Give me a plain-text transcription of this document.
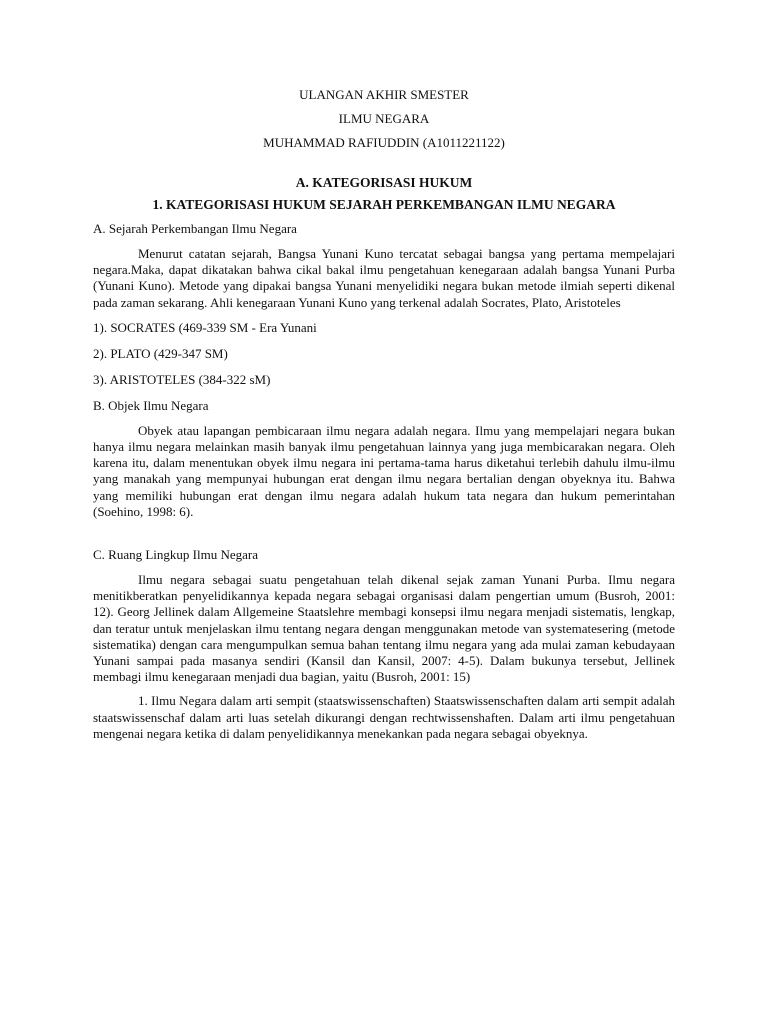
ULANGAN AKHIR SMESTER

ILMU NEGARA

MUHAMMAD RAFIUDDIN (A1011221122)

A. KATEGORISASI HUKUM
1. KATEGORISASI HUKUM SEJARAH PERKEMBANGAN ILMU NEGARA

A. Sejarah Perkembangan Ilmu Negara

Menurut catatan sejarah, Bangsa Yunani Kuno tercatat sebagai bangsa yang pertama mempelajari negara.Maka, dapat dikatakan bahwa cikal bakal ilmu pengetahuan kenegaraan adalah bangsa Yunani Purba (Yunani Kuno). Metode yang dipakai bangsa Yunani menyelidiki negara bukan metode ilmiah seperti dikenal pada zaman sekarang. Ahli kenegaraan Yunani Kuno yang terkenal adalah Socrates, Plato, Aristoteles

1). SOCRATES (469-339 SM - Era Yunani

2). PLATO (429-347 SM)

3). ARISTOTELES (384-322 sM)

B. Objek Ilmu Negara

Obyek atau lapangan pembicaraan ilmu negara adalah negara. Ilmu yang mempelajari negara bukan hanya ilmu negara melainkan masih banyak ilmu pengetahuan lainnya yang juga membicarakan negara. Oleh karena itu, dalam menentukan obyek ilmu negara ini pertama-tama harus diketahui terlebih dahulu ilmu-ilmu yang manakah yang mempunyai hubungan erat dengan ilmu negara bertalian dengan obyeknya itu. Bahwa yang memiliki hubungan erat dengan ilmu negara adalah hukum tata negara dan hukum pemerintahan (Soehino, 1998: 6).

C. Ruang Lingkup Ilmu Negara

Ilmu negara sebagai suatu pengetahuan telah dikenal sejak zaman Yunani Purba. Ilmu negara menitikberatkan penyelidikannya kepada negara sebagai organisasi dalam pengertian umum (Busroh, 2001: 12). Georg Jellinek dalam Allgemeine Staatslehre membagi konsepsi ilmu negara menjadi sistematis, lengkap, dan teratur untuk menjelaskan ilmu tentang negara dengan menggunakan metode van systematesering (metode sistematika) dengan cara mengumpulkan semua bahan tentang ilmu negara yang ada mulai zaman kebudayaan Yunani sampai pada masanya sendiri (Kansil dan Kansil, 2007: 4-5). Dalam bukunya tersebut, Jellinek membagi ilmu kenegaraan menjadi dua bagian, yaitu (Busroh, 2001: 15)

1. Ilmu Negara dalam arti sempit (staatswissenschaften) Staatswissenschaften dalam arti sempit adalah staatswissenschaf dalam arti luas setelah dikurangi dengan rechtwissenshaften. Dalam arti ilmu pengetahuan mengenai negara ketika di dalam penyelidikannya menekankan pada negara sebagai obyeknya.
